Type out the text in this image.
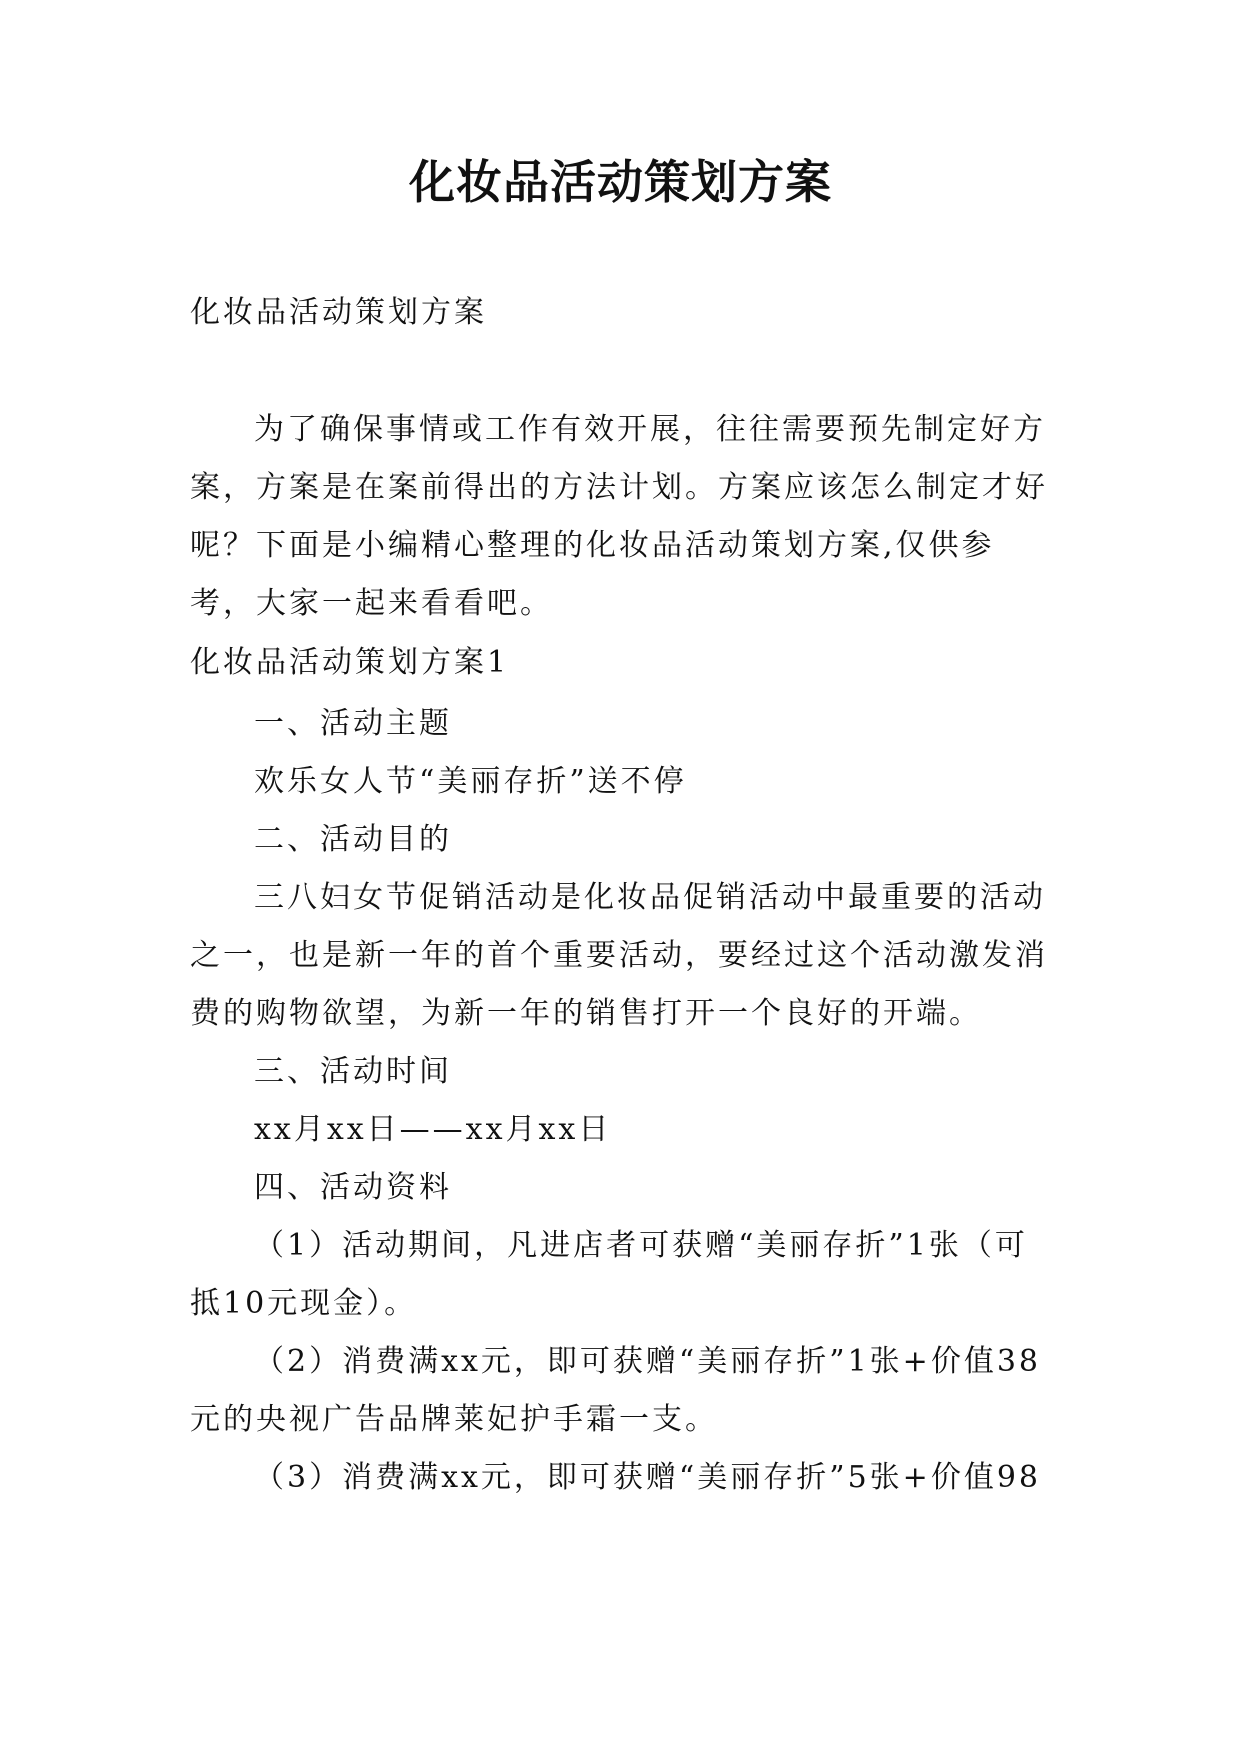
化妆品活动策划方案
化妆品活动策划方案
为了确保事情或工作有效开展，往往需要预先制定好方案，方案是在案前得出的方法计划。方案应该怎么制定才好呢？下面是小编精心整理的化妆品活动策划方案,仅供参考，大家一起来看看吧。
化妆品活动策划方案1

一、活动主题

欢乐女人节“美丽存折”送不停

二、活动目的

三八妇女节促销活动是化妆品促销活动中最重要的活动之一，也是新一年的首个重要活动，要经过这个活动激发消费的购物欲望，为新一年的销售打开一个良好的开端。

三、活动时间

xx月xx日——xx月xx日

四、活动资料

（1）活动期间，凡进店者可获赠“美丽存折”1张（可抵10元现金）。

（2）消费满xx元，即可获赠“美丽存折”1张+价值38元的央视广告品牌莱妃护手霜一支。

（3）消费满xx元，即可获赠“美丽存折”5张+价值98
